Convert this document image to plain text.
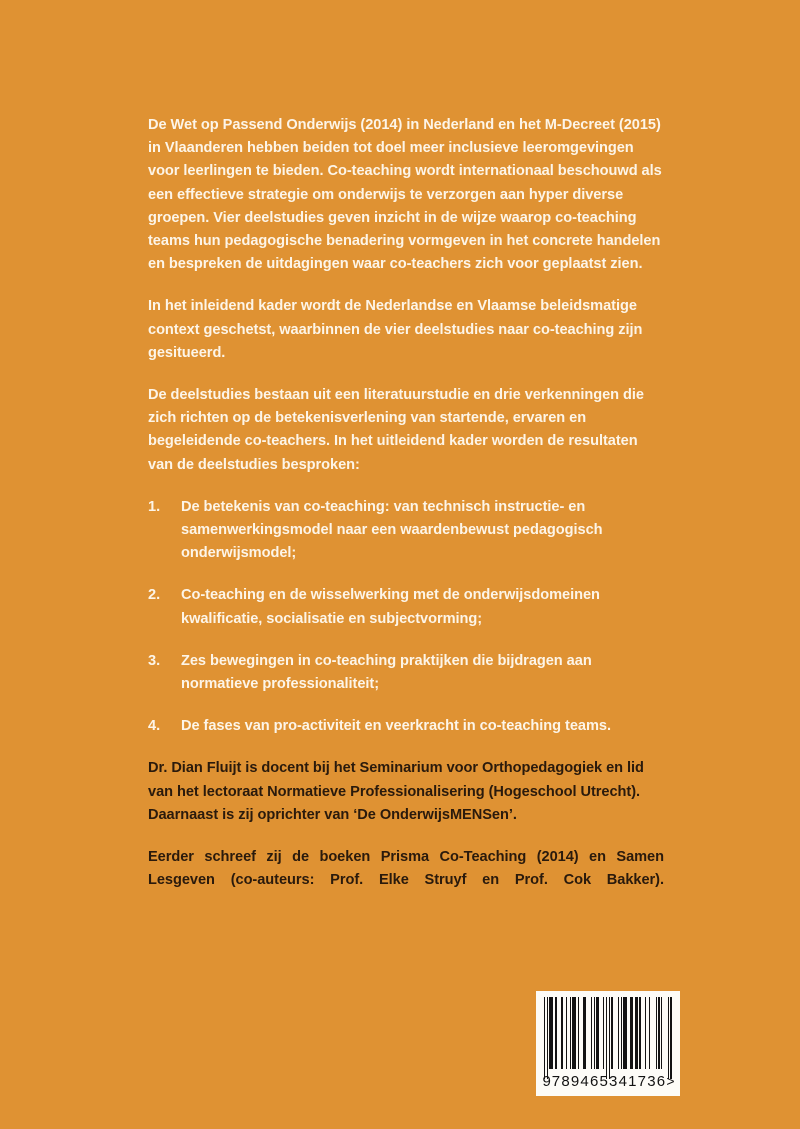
De Wet op Passend Onderwijs (2014) in Nederland en het M-Decreet (2015) in Vlaanderen hebben beiden tot doel meer inclusieve leeromgevingen voor leerlingen te bieden. Co-teaching wordt internationaal beschouwd als een effectieve strategie om onderwijs te verzorgen aan hyper diverse groepen. Vier deelstudies geven inzicht in de wijze waarop co-teaching teams hun pedagogische benadering vormgeven in het concrete handelen en bespreken de uitdagingen waar co-teachers zich voor geplaatst zien.

In het inleidend kader wordt de Nederlandse en Vlaamse beleidsmatige context geschetst, waarbinnen de vier deelstudies naar co-teaching zijn gesitueerd.

De deelstudies bestaan uit een literatuurstudie en drie verkenningen die zich richten op de betekenisverlening van startende, ervaren en begeleidende co-teachers. In het uitleidend kader worden de resultaten van de deelstudies besproken:

1.	De betekenis van co-teaching: van technisch instructie- en samenwerkingsmodel naar een waardenbewust pedagogisch onderwijsmodel;
2.	Co-teaching en de wisselwerking met de onderwijsdomeinen kwalificatie, socialisatie en subjectvorming;
3.	Zes bewegingen in co-teaching praktijken die bijdragen aan normatieve professionaliteit;
4.	De fases van pro-activiteit en veerkracht in co-teaching teams.

Dr. Dian Fluijt is docent bij het Seminarium voor Orthopedagogiek en lid van het lectoraat Normatieve Professionalisering (Hogeschool Utrecht). Daarnaast is zij oprichter van ‘De OnderwijsMENSen’.

Eerder schreef zij de boeken Prisma Co-Teaching (2014) en Samen Lesgeven (co-auteurs: Prof. Elke Struyf en Prof. Cok Bakker).

9 789465 341736 >
